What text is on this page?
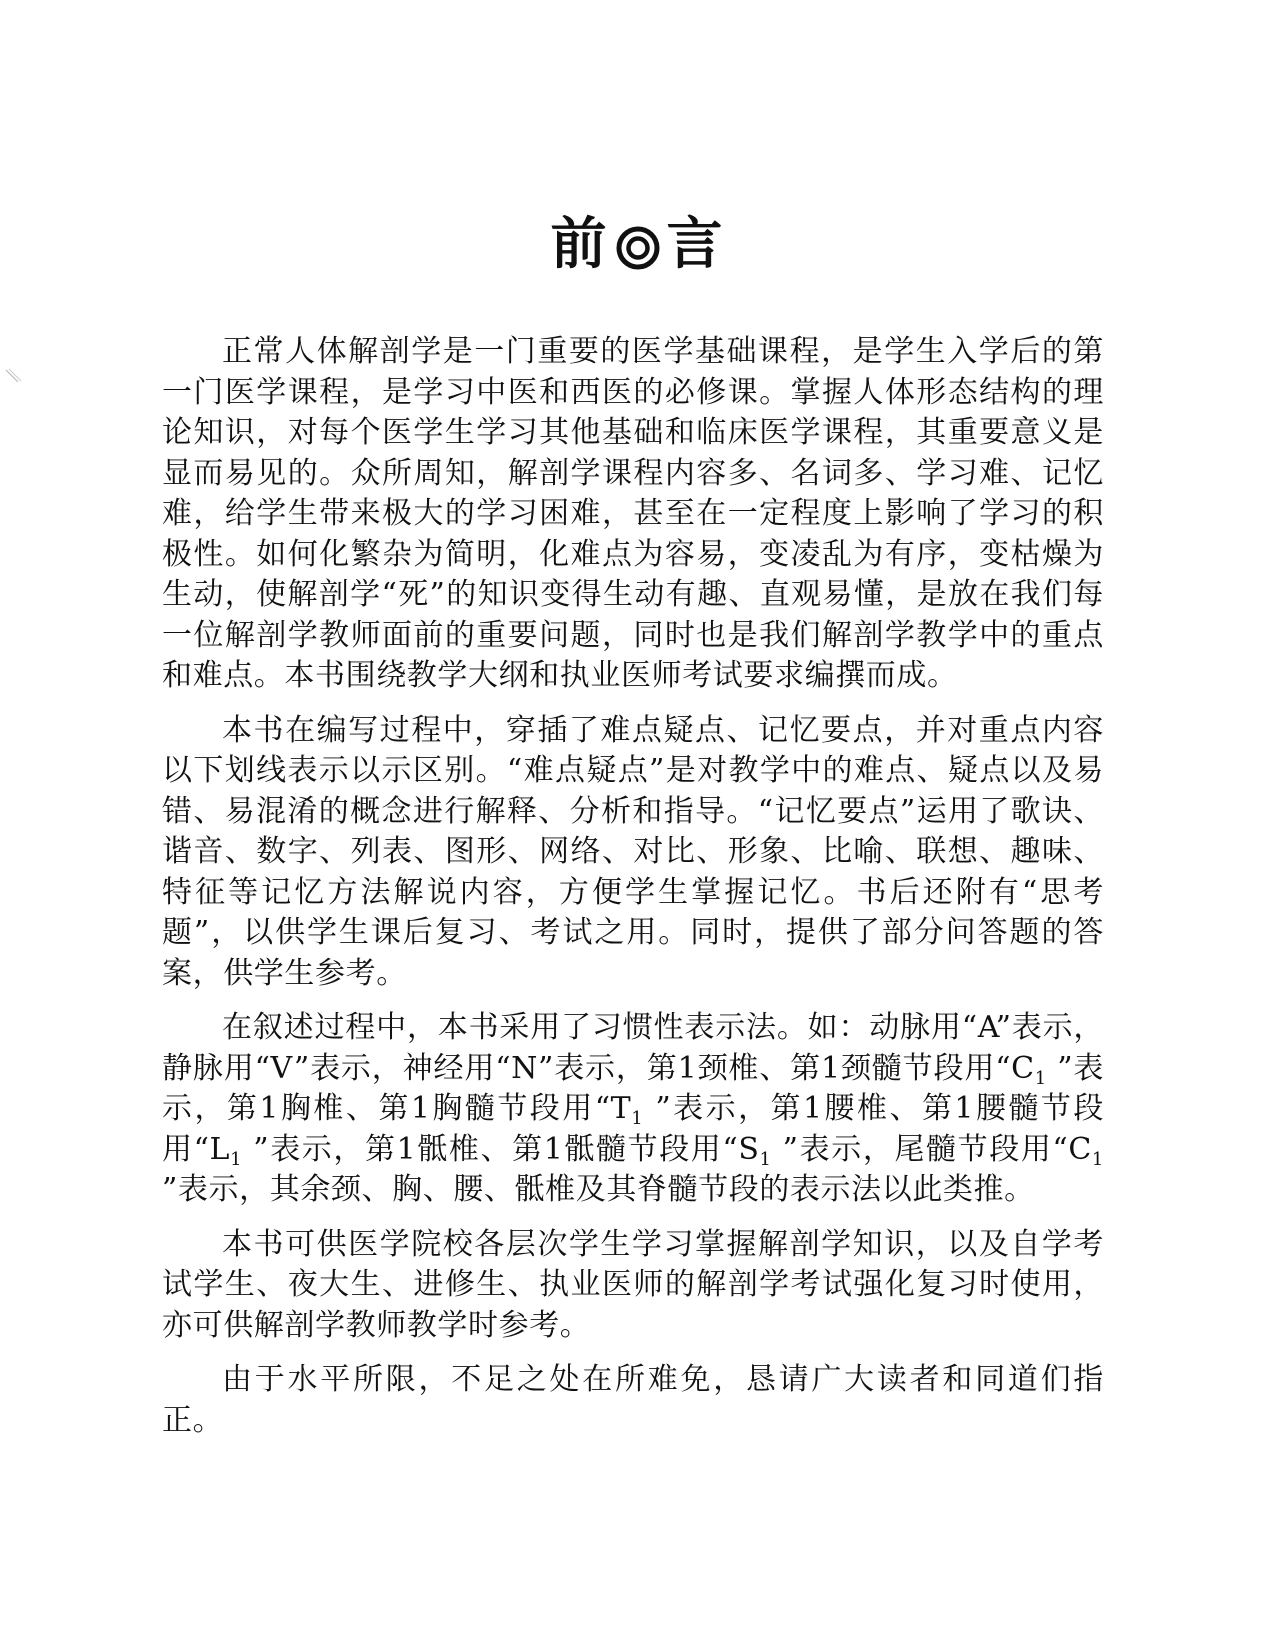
前 言

正常人体解剖学是一门重要的医学基础课程，是学生入学后的第一门医学课程，是学习中医和西医的必修课。掌握人体形态结构的理论知识，对每个医学生学习其他基础和临床医学课程，其重要意义是显而易见的。众所周知，解剖学课程内容多、名词多、学习难、记忆难，给学生带来极大的学习困难，甚至在一定程度上影响了学习的积极性。如何化繁杂为简明，化难点为容易，变凌乱为有序，变枯燥为生动，使解剖学“死”的知识变得生动有趣、直观易懂，是放在我们每一位解剖学教师面前的重要问题，同时也是我们解剖学教学中的重点和难点。本书围绕教学大纲和执业医师考试要求编撰而成。

本书在编写过程中，穿插了难点疑点、记忆要点，并对重点内容以下划线表示以示区别。“难点疑点”是对教学中的难点、疑点以及易错、易混淆的概念进行解释、分析和指导。“记忆要点”运用了歌诀、谐音、数字、列表、图形、网络、对比、形象、比喻、联想、趣味、特征等记忆方法解说内容，方便学生掌握记忆。书后还附有“思考题”，以供学生课后复习、考试之用。同时，提供了部分问答题的答案，供学生参考。

在叙述过程中，本书采用了习惯性表示法。如：动脉用“A”表示，静脉用“V”表示，神经用“N”表示，第1颈椎、第1颈髓节段用“$C_1$ ”表示，第1胸椎、第1胸髓节段用“$T_1$ ”表示，第1腰椎、第1腰髓节段用“$L_1$ ”表示，第1骶椎、第1骶髓节段用“$S_1$ ”表示，尾髓节段用“$C_1$ ”表示，其余颈、胸、腰、骶椎及其脊髓节段的表示法以此类推。

本书可供医学院校各层次学生学习掌握解剖学知识，以及自学考试学生、夜大生、进修生、执业医师的解剖学考试强化复习时使用，亦可供解剖学教师教学时参考。

由于水平所限，不足之处在所难免，恳请广大读者和同道们指正。
